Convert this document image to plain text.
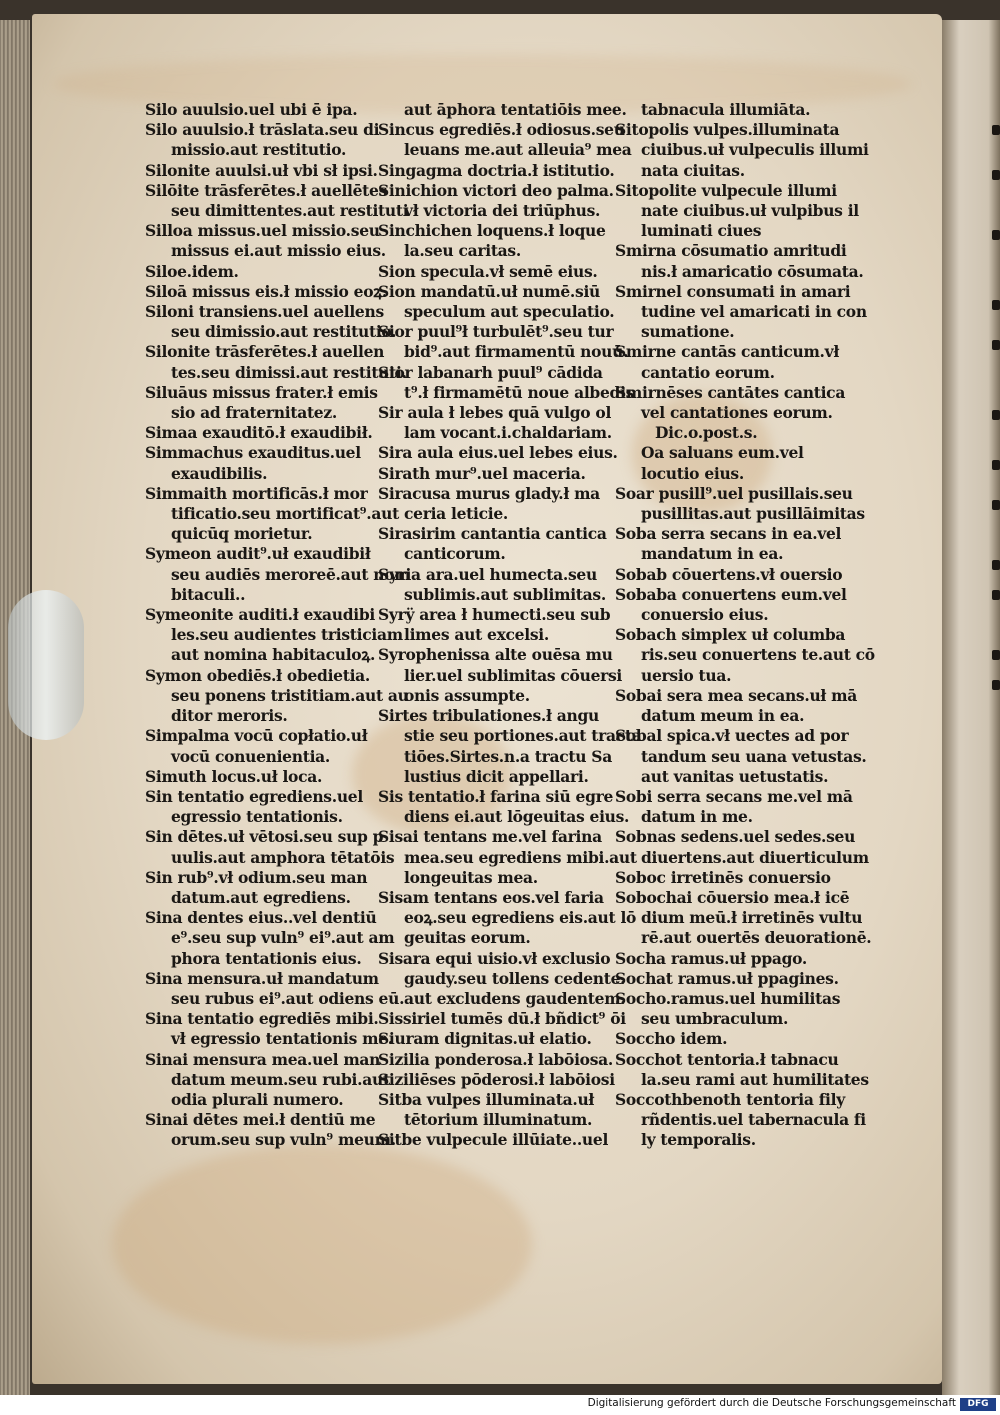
Silo auulsio.uel ubi ē ipa.
Silo auulsio.ł trāslata.seu di
missio.aut restitutio.
Silonite auulsi.uł vbi sł ipsi.
Silōite trāsferētes.ł auellētes
seu dimittentes.aut restituti
Silloa missus.uel missio.seu
missus ei.aut missio eius.
Siloe.idem.
Siloā missus eis.ł missio eoꝝ.
Siloni transiens.uel auellens
seu dimissio.aut restitutio.
Silonite trāsferētes.ł auellen
tes.seu dimissi.aut restituti.
Siluāus missus frater.ł emis
sio ad fraternitatez.
Simaa exauditō.ł exaudibił.
Simmachus exauditus.uel
exaudibilis.
Simmaith mortificās.ł mor
tificatio.seu mortificat⁹.aut
quicūq morietur.
Symeon audit⁹.uł exaudibił
seu audiēs meroreē.aut nom
bitaculi..
Symeonite auditi.ł exaudibi
les.seu audientes tristiciam
aut nomina habitaculoꝝ.
Symon obediēs.ł obedietia.
seu ponens tristitiam.aut au
ditor meroris.
Simpalma vocū copłatio.uł
vocū conuenientia.
Simuth locus.uł loca.
Sin tentatio egrediens.uel
egressio tentationis.
Sin dētes.uł vētosi.seu sup p
uulis.aut amphora tētatōis
Sin rub⁹.vł odium.seu man
datum.aut egrediens.
Sina dentes eius..vel dentiū
e⁹.seu sup vuln⁹ ei⁹.aut am
phora tentationis eius.
Sina mensura.uł mandatum
seu rubus ei⁹.aut odiens eū.
Sina tentatio egrediēs mibi.
vł egressio tentationis me.
Sinai mensura mea.uel man
datum meum.seu rubi.aut
odia plurali numero.
Sinai dētes mei.ł dentiū me
orum.seu sup vuln⁹ meum.
aut āphora tentatiōis mee.
Sincus egrediēs.ł odiosus.seu
leuans me.aut alleuia⁹ mea
Singagma doctria.ł istitutio.
Sinichion victori deo palma.
vł victoria dei triūphus.
Sinchichen loquens.ł loque
la.seu caritas.
Sion specula.vł semē eius.
Sion mandatū.uł numē.siū
speculum aut speculatio.
Sior puul⁹ł turbulēt⁹.seu tur
bid⁹.aut firmamentū nouū.
Sior labanarh puul⁹ cādida
t⁹.ł firmamētū noue albedis
Sir aula ł lebes quā vulgo ol
lam vocant.i.chaldariam.
Sira aula eius.uel lebes eius.
Sirath mur⁹.uel maceria.
Siracusa murus glady.ł ma
ceria leticie.
Sirasirim cantantia cantica
canticorum.
Syria ara.uel humecta.seu
sublimis.aut sublimitas.
Syrÿ area ł humecti.seu sub
limes aut excelsi.
Syrophenissa alte ouēsa mu
lier.uel sublimitas cōuersi
onis assumpte.
Sirtes tribulationes.ł angu
stie seu portiones.aut tracta
tiōes.Sirtes.n.a tractu Sa
lustius dicit appellari.
Sis tentatio.ł farina siū egre
diens ei.aut lōgeuitas eius.
Sisai tentans me.vel farina
mea.seu egrediens mibi.aut
longeuitas mea.
Sisam tentans eos.vel faria
eoꝝ.seu egrediens eis.aut lō
geuitas eorum.
Sisara equi uisio.vł exclusio
gaudy.seu tollens cedente.
aut excludens gaudentem.
Sissiriel tumēs dū.ł bñdict⁹ ōi
Siuram dignitas.uł elatio.
Sizilia ponderosa.ł labōiosa.
Siziliēses pōderosi.ł labōiosi
Sitba vulpes illuminata.uł
tētorium illuminatum.
Sitbe vulpecule illūiate..uel
tabnacula illumiāta.
Sitopolis vulpes.illuminata
ciuibus.uł vulpeculis illumi
nata ciuitas.
Sitopolite vulpecule illumi
nate ciuibus.uł vulpibus il
luminati ciues
Smirna cōsumatio amritudi
nis.ł amaricatio cōsumata.
Smirnel consumati in amari
tudine vel amaricati in con
sumatione.
Smirne cantās canticum.vł
cantatio eorum.
Smirnēses cantātes cantica
vel cantationes eorum.
Dic.o.post.s.
Oa saluans eum.vel
locutio eius.
Soar pusill⁹.uel pusillais.seu
pusillitas.aut pusillāimitas
Soba serra secans in ea.vel
mandatum in ea.
Sobab cōuertens.vł ouersio
Sobaba conuertens eum.vel
conuersio eius.
Sobach simplex uł columba
ris.seu conuertens te.aut cō
uersio tua.
Sobai sera mea secans.uł mā
datum meum in ea.
Sobal spica.vł uectes ad por
tandum seu uana vetustas.
aut vanitas uetustatis.
Sobi serra secans me.vel mā
datum in me.
Sobnas sedens.uel sedes.seu
diuertens.aut diuerticulum
Soboc irretinēs conuersio
Sobochai cōuersio mea.ł icē
dium meū.ł irretinēs vultu
rē.aut ouertēs deuorationē.
Socha ramus.uł ppago.
Sochat ramus.uł ppagines.
Socho.ramus.uel humilitas
seu umbraculum.
Soccho idem.
Socchot tentoria.ł tabnacu
la.seu rami aut humilitates
Soccothbenoth tentoria fily
rñdentis.uel tabernacula fi
ly temporalis.
Digitalisierung gefördert durch die Deutsche Forschungsgemeinschaft	DFG
